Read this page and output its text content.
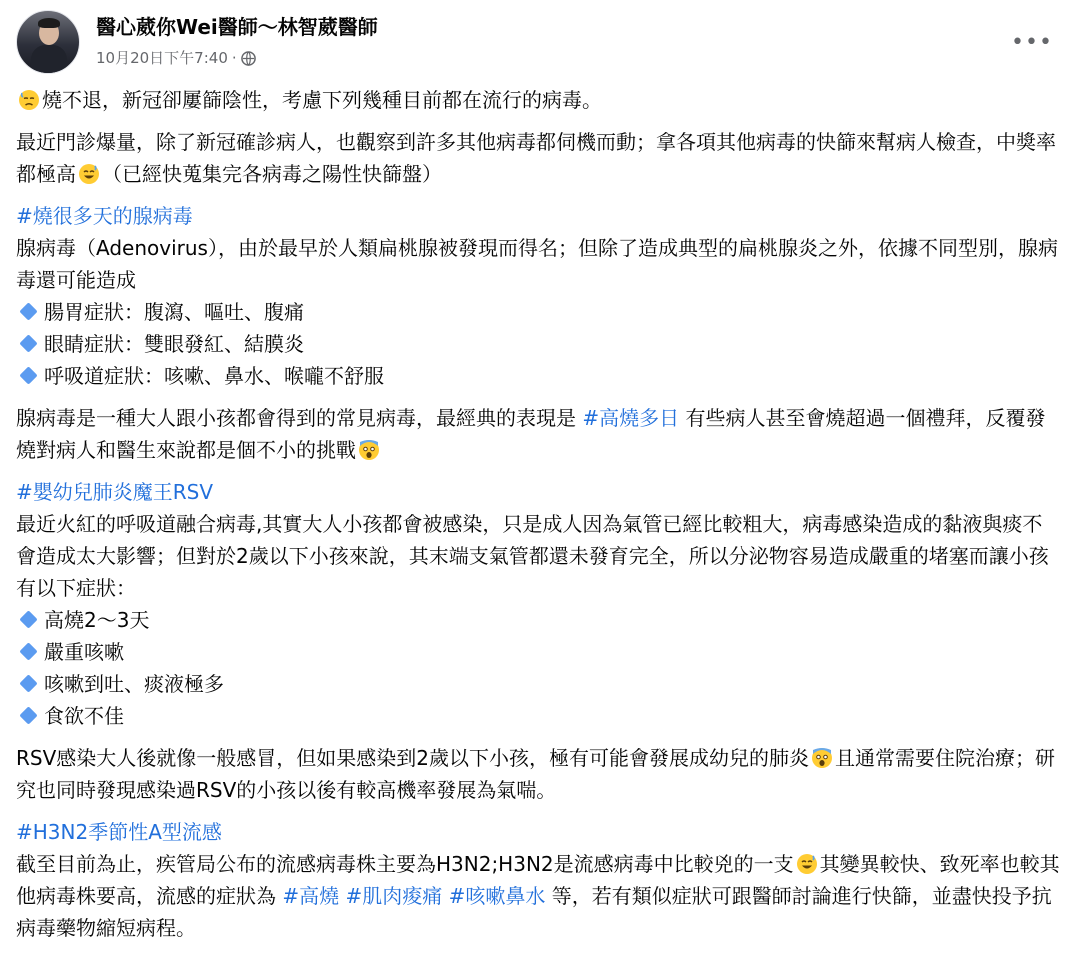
醫心葳你Wei醫師～林智葳醫師
10月20日下午7:40 ·
•••

燒不退，新冠卻屢篩陰性，考慮下列幾種目前都在流行的病毒。

最近門診爆量，除了新冠確診病人，也觀察到許多其他病毒都伺機而動；拿各項其他病毒的快篩來幫病人檢查，中獎率都極高 （已經快蒐集完各病毒之陽性快篩盤）

#燒很多天的腺病毒
腺病毒（Adenovirus），由於最早於人類扁桃腺被發現而得名；但除了造成典型的扁桃腺炎之外，依據不同型別，腺病毒還可能造成
腸胃症狀：腹瀉、嘔吐、腹痛
眼睛症狀：雙眼發紅、結膜炎
呼吸道症狀：咳嗽、鼻水、喉嚨不舒服

腺病毒是一種大人跟小孩都會得到的常見病毒，最經典的表現是 #高燒多日 有些病人甚至會燒超過一個禮拜，反覆發燒對病人和醫生來說都是個不小的挑戰

#嬰幼兒肺炎魔王RSV
最近火紅的呼吸道融合病毒,其實大人小孩都會被感染，只是成人因為氣管已經比較粗大，病毒感染造成的黏液與痰不會造成太大影響；但對於2歲以下小孩來說，其末端支氣管都還未發育完全，所以分泌物容易造成嚴重的堵塞而讓小孩有以下症狀：
高燒2～3天
嚴重咳嗽
咳嗽到吐、痰液極多
食欲不佳

RSV感染大人後就像一般感冒，但如果感染到2歲以下小孩，極有可能會發展成幼兒的肺炎 且通常需要住院治療；研究也同時發現感染過RSV的小孩以後有較高機率發展為氣喘。

#H3N2季節性A型流感
截至目前為止，疾管局公布的流感病毒株主要為H3N2;H3N2是流感病毒中比較兇的一支 其變異較快、致死率也較其他病毒株要高，流感的症狀為 #高燒 #肌肉痠痛 #咳嗽鼻水 等，若有類似症狀可跟醫師討論進行快篩，並盡快投予抗病毒藥物縮短病程。
